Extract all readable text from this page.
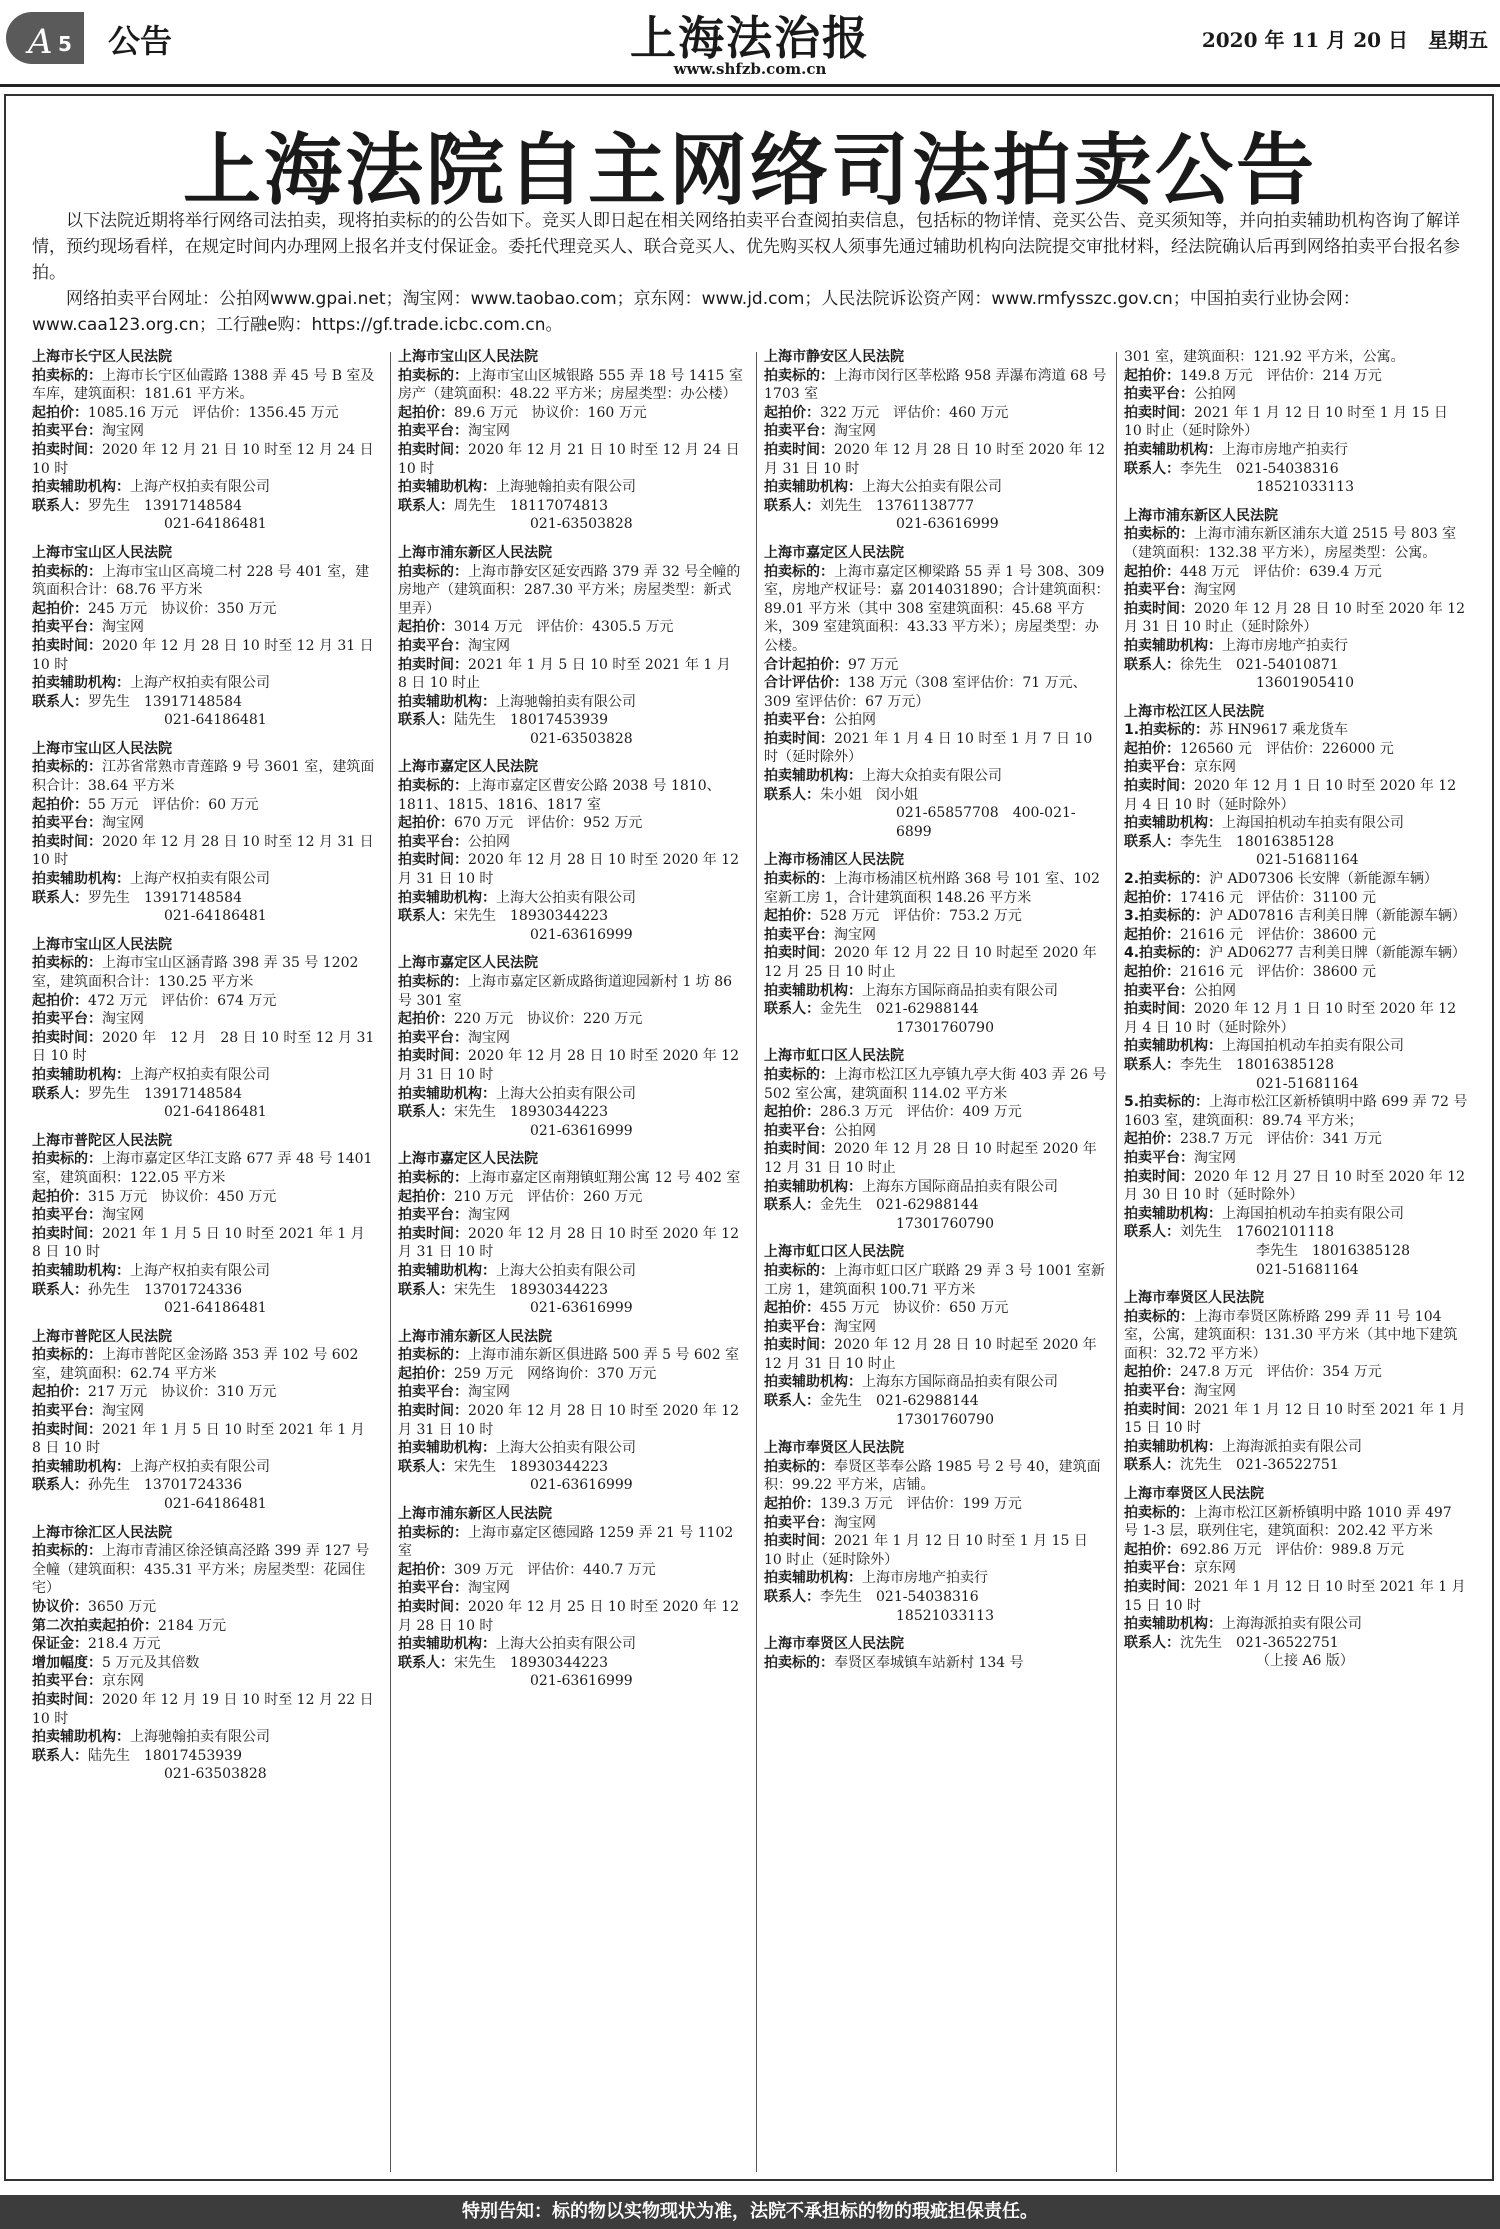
A 5 公告	上海法治报
www.shfzb.com.cn
2020 年 11 月 20 日　星期五
上海法院自主网络司法拍卖公告

以下法院近期将举行网络司法拍卖，现将拍卖标的的公告如下。竞买人即日起在相关网络拍卖平台查阅拍卖信息，包括标的物详情、竞买公告、竞买须知等，并向拍卖辅助机构咨询了解详情，预约现场看样，在规定时间内办理网上报名并支付保证金。委托代理竞买人、联合竞买人、优先购买权人须事先通过辅助机构向法院提交审批材料，经法院确认后再到网络拍卖平台报名参拍。

网络拍卖平台网址：公拍网www.gpai.net；淘宝网：www.taobao.com；京东网：www.jd.com；人民法院诉讼资产网：www.rmfysszc.gov.cn；中国拍卖行业协会网：www.caa123.org.cn；工行融e购：https://gf.trade.icbc.com.cn。

上海市长宁区人民法院
拍卖标的：上海市长宁区仙霞路 1388 弄 45 号 B 室及车库，建筑面积：181.61 平方米。
起拍价：1085.16 万元　评估价：1356.45 万元
拍卖平台：淘宝网
拍卖时间：2020 年 12 月 21 日 10 时至 12 月 24 日 10 时
拍卖辅助机构：上海产权拍卖有限公司
联系人：罗先生　13917148584
021-64186481
上海市宝山区人民法院
拍卖标的：上海市宝山区高境二村 228 号 401 室，建筑面积合计：68.76 平方米
起拍价：245 万元　协议价：350 万元
拍卖平台：淘宝网
拍卖时间：2020 年 12 月 28 日 10 时至 12 月 31 日 10 时
拍卖辅助机构：上海产权拍卖有限公司
联系人：罗先生　13917148584
021-64186481
上海市宝山区人民法院
拍卖标的：江苏省常熟市青莲路 9 号 3601 室，建筑面积合计：38.64 平方米
起拍价：55 万元　评估价：60 万元
拍卖平台：淘宝网
拍卖时间：2020 年 12 月 28 日 10 时至 12 月 31 日 10 时
拍卖辅助机构：上海产权拍卖有限公司
联系人：罗先生　13917148584
021-64186481
上海市宝山区人民法院
拍卖标的：上海市宝山区涵青路 398 弄 35 号 1202 室，建筑面积合计：130.25 平方米
起拍价：472 万元　评估价：674 万元
拍卖平台：淘宝网
拍卖时间：2020 年　12 月　28 日 10 时至 12 月 31 日 10 时
拍卖辅助机构：上海产权拍卖有限公司
联系人：罗先生　13917148584
021-64186481
上海市普陀区人民法院
拍卖标的：上海市嘉定区华江支路 677 弄 48 号 1401 室，建筑面积：122.05 平方米
起拍价：315 万元　协议价：450 万元
拍卖平台：淘宝网
拍卖时间：2021 年 1 月 5 日 10 时至 2021 年 1 月 8 日 10 时
拍卖辅助机构：上海产权拍卖有限公司
联系人：孙先生　13701724336
021-64186481
上海市普陀区人民法院
拍卖标的：上海市普陀区金汤路 353 弄 102 号 602 室，建筑面积：62.74 平方米
起拍价：217 万元　协议价：310 万元
拍卖平台：淘宝网
拍卖时间：2021 年 1 月 5 日 10 时至 2021 年 1 月 8 日 10 时
拍卖辅助机构：上海产权拍卖有限公司
联系人：孙先生　13701724336
021-64186481
上海市徐汇区人民法院
拍卖标的：上海市青浦区徐泾镇高泾路 399 弄 127 号全幢（建筑面积：435.31 平方米；房屋类型：花园住宅）
协议价：3650 万元
第二次拍卖起拍价：2184 万元
保证金：218.4 万元
增加幅度：5 万元及其倍数
拍卖平台：京东网
拍卖时间：2020 年 12 月 19 日 10 时至 12 月 22 日 10 时
拍卖辅助机构：上海驰翰拍卖有限公司
联系人：陆先生　18017453939
021-63503828
上海市宝山区人民法院
拍卖标的：上海市宝山区城银路 555 弄 18 号 1415 室房产（建筑面积：48.22 平方米；房屋类型：办公楼）
起拍价：89.6 万元　协议价：160 万元
拍卖平台：淘宝网
拍卖时间：2020 年 12 月 21 日 10 时至 12 月 24 日 10 时
拍卖辅助机构：上海驰翰拍卖有限公司
联系人：周先生　18117074813
021-63503828
上海市浦东新区人民法院
拍卖标的：上海市静安区延安西路 379 弄 32 号全幢的房地产（建筑面积：287.30 平方米；房屋类型：新式里弄）
起拍价：3014 万元　评估价：4305.5 万元
拍卖平台：淘宝网
拍卖时间：2021 年 1 月 5 日 10 时至 2021 年 1 月 8 日 10 时止
拍卖辅助机构：上海驰翰拍卖有限公司
联系人：陆先生　18017453939
021-63503828
上海市嘉定区人民法院
拍卖标的：上海市嘉定区曹安公路 2038 号 1810、1811、1815、1816、1817 室
起拍价：670 万元　评估价：952 万元
拍卖平台：公拍网
拍卖时间：2020 年 12 月 28 日 10 时至 2020 年 12 月 31 日 10 时
拍卖辅助机构：上海大公拍卖有限公司
联系人：宋先生　18930344223
021-63616999
上海市嘉定区人民法院
拍卖标的：上海市嘉定区新成路街道迎园新村 1 坊 86 号 301 室
起拍价：220 万元　协议价：220 万元
拍卖平台：淘宝网
拍卖时间：2020 年 12 月 28 日 10 时至 2020 年 12 月 31 日 10 时
拍卖辅助机构：上海大公拍卖有限公司
联系人：宋先生　18930344223
021-63616999
上海市嘉定区人民法院
拍卖标的：上海市嘉定区南翔镇虹翔公寓 12 号 402 室
起拍价：210 万元　评估价：260 万元
拍卖平台：淘宝网
拍卖时间：2020 年 12 月 28 日 10 时至 2020 年 12 月 31 日 10 时
拍卖辅助机构：上海大公拍卖有限公司
联系人：宋先生　18930344223
021-63616999
上海市浦东新区人民法院
拍卖标的：上海市浦东新区俱进路 500 弄 5 号 602 室
起拍价：259 万元　网络询价：370 万元
拍卖平台：淘宝网
拍卖时间：2020 年 12 月 28 日 10 时至 2020 年 12 月 31 日 10 时
拍卖辅助机构：上海大公拍卖有限公司
联系人：宋先生　18930344223
021-63616999
上海市浦东新区人民法院
拍卖标的：上海市嘉定区德园路 1259 弄 21 号 1102 室
起拍价：309 万元　评估价：440.7 万元
拍卖平台：淘宝网
拍卖时间：2020 年 12 月 25 日 10 时至 2020 年 12 月 28 日 10 时
拍卖辅助机构：上海大公拍卖有限公司
联系人：宋先生　18930344223
021-63616999
上海市静安区人民法院
拍卖标的：上海市闵行区莘松路 958 弄瀑布湾道 68 号 1703 室
起拍价：322 万元　评估价：460 万元
拍卖平台：淘宝网
拍卖时间：2020 年 12 月 28 日 10 时至 2020 年 12 月 31 日 10 时
拍卖辅助机构：上海大公拍卖有限公司
联系人：刘先生　13761138777
021-63616999
上海市嘉定区人民法院
拍卖标的：上海市嘉定区柳梁路 55 弄 1 号 308、309 室，房地产权证号：嘉 2014031890；合计建筑面积：89.01 平方米（其中 308 室建筑面积：45.68 平方米，309 室建筑面积：43.33 平方米）；房屋类型：办公楼。
合计起拍价：97 万元
合计评估价：138 万元（308 室评估价：71 万元、309 室评估价：67 万元）
拍卖平台：公拍网
拍卖时间：2021 年 1 月 4 日 10 时至 1 月 7 日 10 时（延时除外）
拍卖辅助机构：上海大众拍卖有限公司
联系人：朱小姐　闵小姐
021-65857708　400-021-6899
上海市杨浦区人民法院
拍卖标的：上海市杨浦区杭州路 368 号 101 室、102 室新工房 1，合计建筑面积 148.26 平方米
起拍价：528 万元　评估价：753.2 万元
拍卖平台：淘宝网
拍卖时间：2020 年 12 月 22 日 10 时起至 2020 年 12 月 25 日 10 时止
拍卖辅助机构：上海东方国际商品拍卖有限公司
联系人：金先生　021-62988144
17301760790
上海市虹口区人民法院
拍卖标的：上海市松江区九亭镇九亭大街 403 弄 26 号 502 室公寓，建筑面积 114.02 平方米
起拍价：286.3 万元　评估价：409 万元
拍卖平台：公拍网
拍卖时间：2020 年 12 月 28 日 10 时起至 2020 年 12 月 31 日 10 时止
拍卖辅助机构：上海东方国际商品拍卖有限公司
联系人：金先生　021-62988144
17301760790
上海市虹口区人民法院
拍卖标的：上海市虹口区广联路 29 弄 3 号 1001 室新工房 1，建筑面积 100.71 平方米
起拍价：455 万元　协议价：650 万元
拍卖平台：淘宝网
拍卖时间：2020 年 12 月 28 日 10 时起至 2020 年 12 月 31 日 10 时止
拍卖辅助机构：上海东方国际商品拍卖有限公司
联系人：金先生　021-62988144
17301760790
上海市奉贤区人民法院
拍卖标的：奉贤区莘奉公路 1985 号 2 号 40，建筑面积：99.22 平方米，店铺。
起拍价：139.3 万元　评估价：199 万元
拍卖平台：淘宝网
拍卖时间：2021 年 1 月 12 日 10 时至 1 月 15 日 10 时止（延时除外）
拍卖辅助机构：上海市房地产拍卖行
联系人：李先生　021-54038316
18521033113
上海市奉贤区人民法院
拍卖标的：奉贤区奉城镇车站新村 134 号
301 室，建筑面积：121.92 平方米，公寓。
起拍价：149.8 万元　评估价：214 万元
拍卖平台：公拍网
拍卖时间：2021 年 1 月 12 日 10 时至 1 月 15 日 10 时止（延时除外）
拍卖辅助机构：上海市房地产拍卖行
联系人：李先生　021-54038316
18521033113
上海市浦东新区人民法院
拍卖标的：上海市浦东新区浦东大道 2515 号 803 室（建筑面积：132.38 平方米），房屋类型：公寓。
起拍价：448 万元　评估价：639.4 万元
拍卖平台：淘宝网
拍卖时间：2020 年 12 月 28 日 10 时至 2020 年 12 月 31 日 10 时止（延时除外）
拍卖辅助机构：上海市房地产拍卖行
联系人：徐先生　021-54010871
13601905410
上海市松江区人民法院
1.拍卖标的：苏 HN9617 乘龙货车
起拍价：126560 元　评估价：226000 元
拍卖平台：京东网
拍卖时间：2020 年 12 月 1 日 10 时至 2020 年 12 月 4 日 10 时（延时除外）
拍卖辅助机构：上海国拍机动车拍卖有限公司
联系人：李先生　18016385128
021-51681164
2.拍卖标的：沪 AD07306 长安牌（新能源车辆）
起拍价：17416 元　评估价：31100 元
3.拍卖标的：沪 AD07816 吉利美日牌（新能源车辆）
起拍价：21616 元　评估价：38600 元
4.拍卖标的：沪 AD06277 吉利美日牌（新能源车辆）
起拍价：21616 元　评估价：38600 元
拍卖平台：公拍网
拍卖时间：2020 年 12 月 1 日 10 时至 2020 年 12 月 4 日 10 时（延时除外）
拍卖辅助机构：上海国拍机动车拍卖有限公司
联系人：李先生　18016385128
021-51681164
5.拍卖标的：上海市松江区新桥镇明中路 699 弄 72 号 1603 室，建筑面积：89.74 平方米；
起拍价：238.7 万元　评估价：341 万元
拍卖平台：淘宝网
拍卖时间：2020 年 12 月 27 日 10 时至 2020 年 12 月 30 日 10 时（延时除外）
拍卖辅助机构：上海国拍机动车拍卖有限公司
联系人：刘先生　17602101118
李先生　18016385128
021-51681164
上海市奉贤区人民法院
拍卖标的：上海市奉贤区陈桥路 299 弄 11 号 104 室，公寓，建筑面积：131.30 平方米（其中地下建筑面积：32.72 平方米）
起拍价：247.8 万元　评估价：354 万元
拍卖平台：淘宝网
拍卖时间：2021 年 1 月 12 日 10 时至 2021 年 1 月 15 日 10 时
拍卖辅助机构：上海海派拍卖有限公司
联系人：沈先生　021-36522751
上海市奉贤区人民法院
拍卖标的：上海市松江区新桥镇明中路 1010 弄 497 号 1-3 层，联列住宅，建筑面积：202.42 平方米
起拍价：692.86 万元　评估价：989.8 万元
拍卖平台：京东网
拍卖时间：2021 年 1 月 12 日 10 时至 2021 年 1 月 15 日 10 时
拍卖辅助机构：上海海派拍卖有限公司
联系人：沈先生　021-36522751
（上接 A6 版）
特别告知：标的物以实物现状为准，法院不承担标的物的瑕疵担保责任。
